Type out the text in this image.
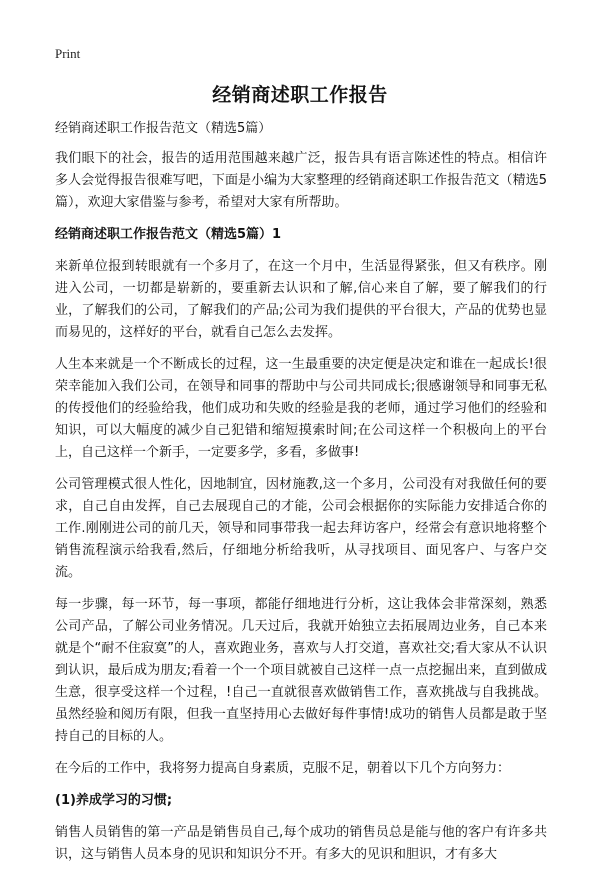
Print
经销商述职工作报告

经销商述职工作报告范文（精选5篇）

我们眼下的社会，报告的适用范围越来越广泛，报告具有语言陈述性的特点。相信许多人会觉得报告很难写吧，下面是小编为大家整理的经销商述职工作报告范文（精选5篇），欢迎大家借鉴与参考，希望对大家有所帮助。

经销商述职工作报告范文（精选5篇）1

来新单位报到转眼就有一个多月了，在这一个月中，生活显得紧张，但又有秩序。刚进入公司，一切都是崭新的，要重新去认识和了解,信心来自了解，要了解我们的行业，了解我们的公司，了解我们的产品;公司为我们提供的平台很大，产品的优势也显而易见的，这样好的平台，就看自己怎么去发挥。

人生本来就是一个不断成长的过程，这一生最重要的决定便是决定和谁在一起成长!很荣幸能加入我们公司，在领导和同事的帮助中与公司共同成长;很感谢领导和同事无私的传授他们的经验给我，他们成功和失败的经验是我的老师，通过学习他们的经验和知识，可以大幅度的减少自己犯错和缩短摸索时间;在公司这样一个积极向上的平台上，自己这样一个新手，一定要多学，多看，多做事!

公司管理模式很人性化，因地制宜，因材施教,这一个多月，公司没有对我做任何的要求，自己自由发挥，自己去展现自己的才能，公司会根据你的实际能力安排适合你的工作.刚刚进公司的前几天，领导和同事带我一起去拜访客户，经常会有意识地将整个销售流程演示给我看,然后，仔细地分析给我听，从寻找项目、面见客户、与客户交流。

每一步骤，每一环节，每一事项，都能仔细地进行分析，这让我体会非常深刻，熟悉公司产品，了解公司业务情况。几天过后，我就开始独立去拓展周边业务，自己本来就是个“耐不住寂寞”的人，喜欢跑业务，喜欢与人打交道，喜欢社交;看大家从不认识到认识，最后成为朋友;看着一个一个项目就被自己这样一点一点挖掘出来，直到做成生意，很享受这样一个过程，!自己一直就很喜欢做销售工作，喜欢挑战与自我挑战。虽然经验和阅历有限，但我一直坚持用心去做好每件事情!成功的销售人员都是敢于坚持自己的目标的人。

在今后的工作中，我将努力提高自身素质，克服不足，朝着以下几个方向努力：

(1)养成学习的习惯;

销售人员销售的第一产品是销售员自己,每个成功的销售员总是能与他的客户有许多共识，这与销售人员本身的见识和知识分不开。有多大的见识和胆识，才有多大
